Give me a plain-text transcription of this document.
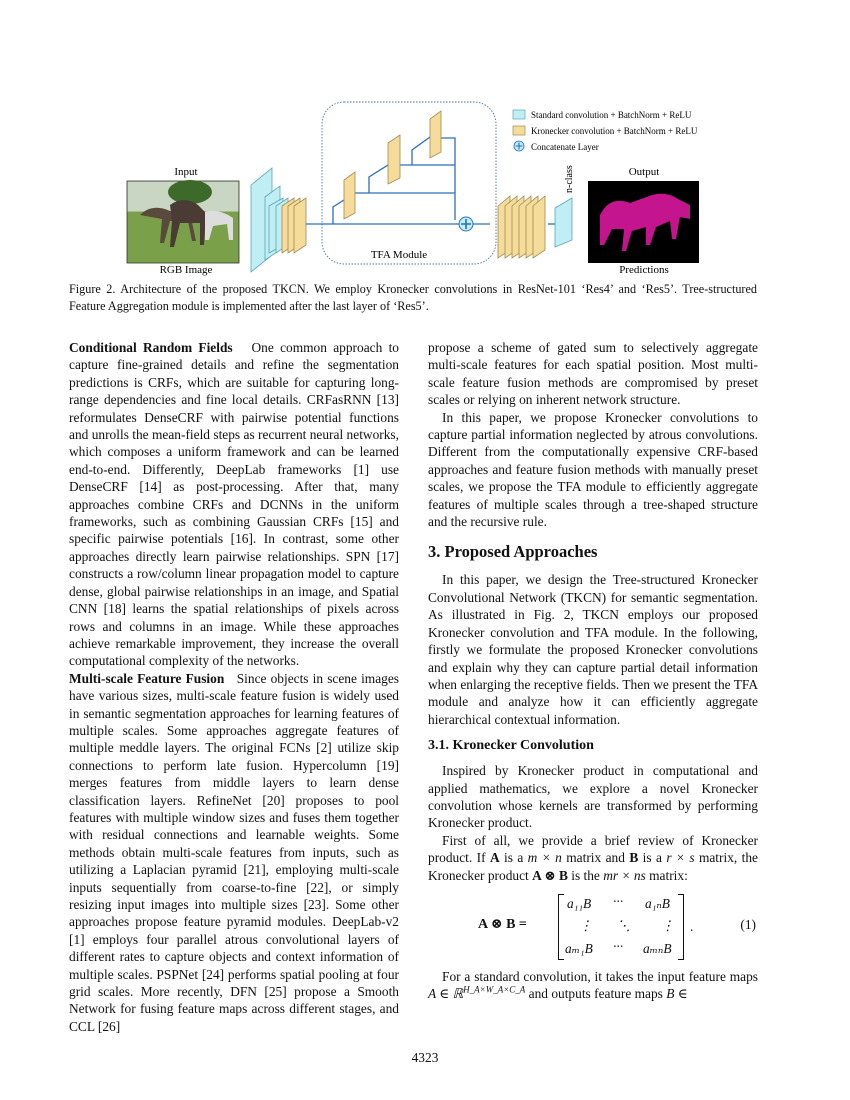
Input
RGB Image
TFA Module
n-class	Output
Predictions
Standard convolution + BatchNorm + ReLU
Kronecker convolution + BatchNorm + ReLU
Concatenate Layer
Figure 2. Architecture of the proposed TKCN. We employ Kronecker convolutions in ResNet-101 ‘Res4’ and ‘Res5’. Tree-structured Feature Aggregation module is implemented after the last layer of ‘Res5’.

Conditional Random Fields One common approach to capture fine-grained details and refine the segmentation predictions is CRFs, which are suitable for capturing long-range dependencies and fine local details. CRFasRNN [13] reformulates DenseCRF with pairwise potential functions and unrolls the mean-field steps as recurrent neural networks, which composes a uniform framework and can be learned end-to-end. Differently, DeepLab frameworks [1] use DenseCRF [14] as post-processing. After that, many approaches combine CRFs and DCNNs in the uniform frameworks, such as combining Gaussian CRFs [15] and specific pairwise potentials [16]. In contrast, some other approaches directly learn pairwise relationships. SPN [17] constructs a row/column linear propagation model to capture dense, global pairwise relationships in an image, and Spatial CNN [18] learns the spatial relationships of pixels across rows and columns in an image. While these approaches achieve remarkable improvement, they increase the overall computational complexity of the networks.

Multi-scale Feature Fusion Since objects in scene images have various sizes, multi-scale feature fusion is widely used in semantic segmentation approaches for learning features of multiple scales. Some approaches aggregate features of multiple meddle layers. The original FCNs [2] utilize skip connections to perform late fusion. Hypercolumn [19] merges features from middle layers to learn dense classification layers. RefineNet [20] proposes to pool features with multiple window sizes and fuses them together with residual connections and learnable weights. Some methods obtain multi-scale features from inputs, such as utilizing a Laplacian pyramid [21], employing multi-scale inputs sequentially from coarse-to-fine [22], or simply resizing input images into multiple sizes [23]. Some other approaches propose feature pyramid modules. DeepLab-v2 [1] employs four parallel atrous convolutional layers of different rates to capture objects and context information of multiple scales. PSPNet [24] performs spatial pooling at four grid scales. More recently, DFN [25] propose a Smooth Network for fusing feature maps across different stages, and CCL [26]

propose a scheme of gated sum to selectively aggregate multi-scale features for each spatial position. Most multi-scale feature fusion methods are compromised by preset scales or relying on inherent network structure.

In this paper, we propose Kronecker convolutions to capture partial information neglected by atrous convolutions. Different from the computationally expensive CRF-based approaches and feature fusion methods with manually preset scales, we propose the TFA module to efficiently aggregate features of multiple scales through a tree-shaped structure and the recursive rule.

3. Proposed Approaches

In this paper, we design the Tree-structured Kronecker Convolutional Network (TKCN) for semantic segmentation. As illustrated in Fig. 2, TKCN employs our proposed Kronecker convolution and TFA module. In the following, firstly we formulate the proposed Kronecker convolutions and explain why they can capture partial detail information when enlarging the receptive fields. Then we present the TFA module and analyze how it can efficiently aggregate hierarchical contextual information.

3.1. Kronecker Convolution

Inspired by Kronecker product in computational and applied mathematics, we explore a novel Kronecker convolution whose kernels are transformed by performing Kronecker product.

First of all, we provide a brief review of Kronecker product. If A is a m × n matrix and B is a r × s matrix, the Kronecker product A ⊗ B is the mr × ns matrix:

A ⊗ B =
a₁₁B ··· a₁ₙB
⋮ ⋱ ⋮
aₘ₁B ··· aₘₙB
.	(1)

For a standard convolution, it takes the input feature maps A ∈ ℝ$^{H\_A\times W\_A\times C\_A}$ and outputs feature maps B ∈

4323
